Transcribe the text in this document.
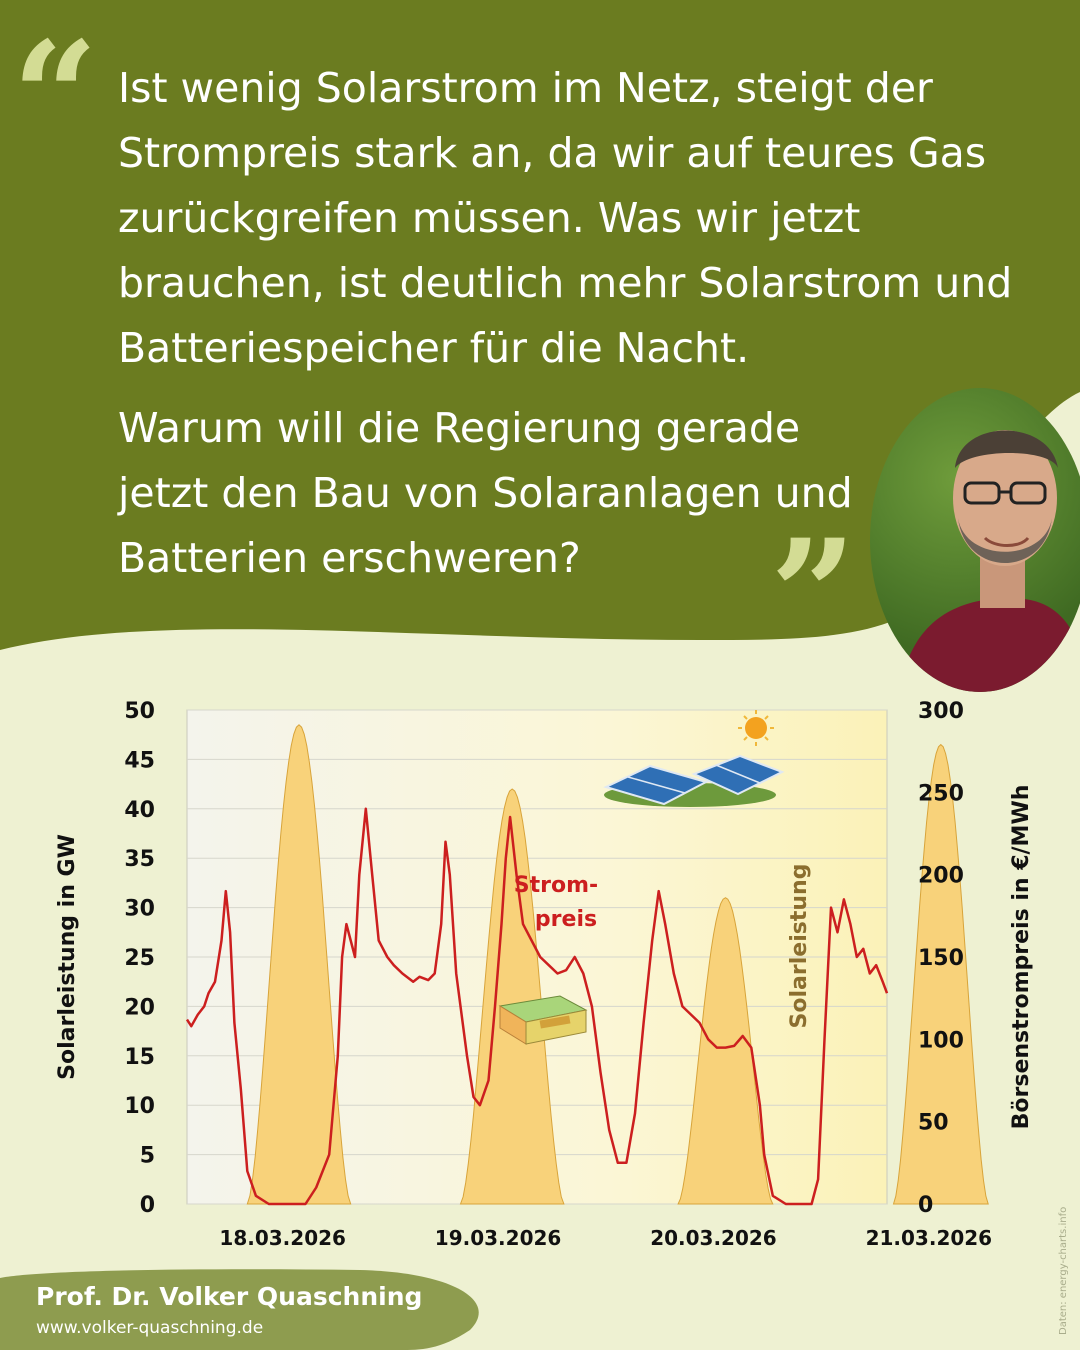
“ Ist wenig Solarstrom im Netz, steigt der Strompreis stark an, da wir auf teures Gas zurückgreifen müssen. Was wir jetzt brauchen, ist deutlich mehr Solarstrom und Batteriespeicher für die Nacht.

Warum will die Regierung gerade jetzt den Bau von Solaranlagen und Batterien erschweren?	”
0
5
10
15
20
25
30
35
40
45
50
0
50
100
150
200
250
300
18.03.2026	19.03.2026	20.03.2026	21.03.2026
Solarleistung in GW	Börsenstrompreis in €/MWh
Strom-
preis	Solarleistung
Prof. Dr. Volker Quaschning
www.volker-quaschning.de	Daten: energy-charts.info
